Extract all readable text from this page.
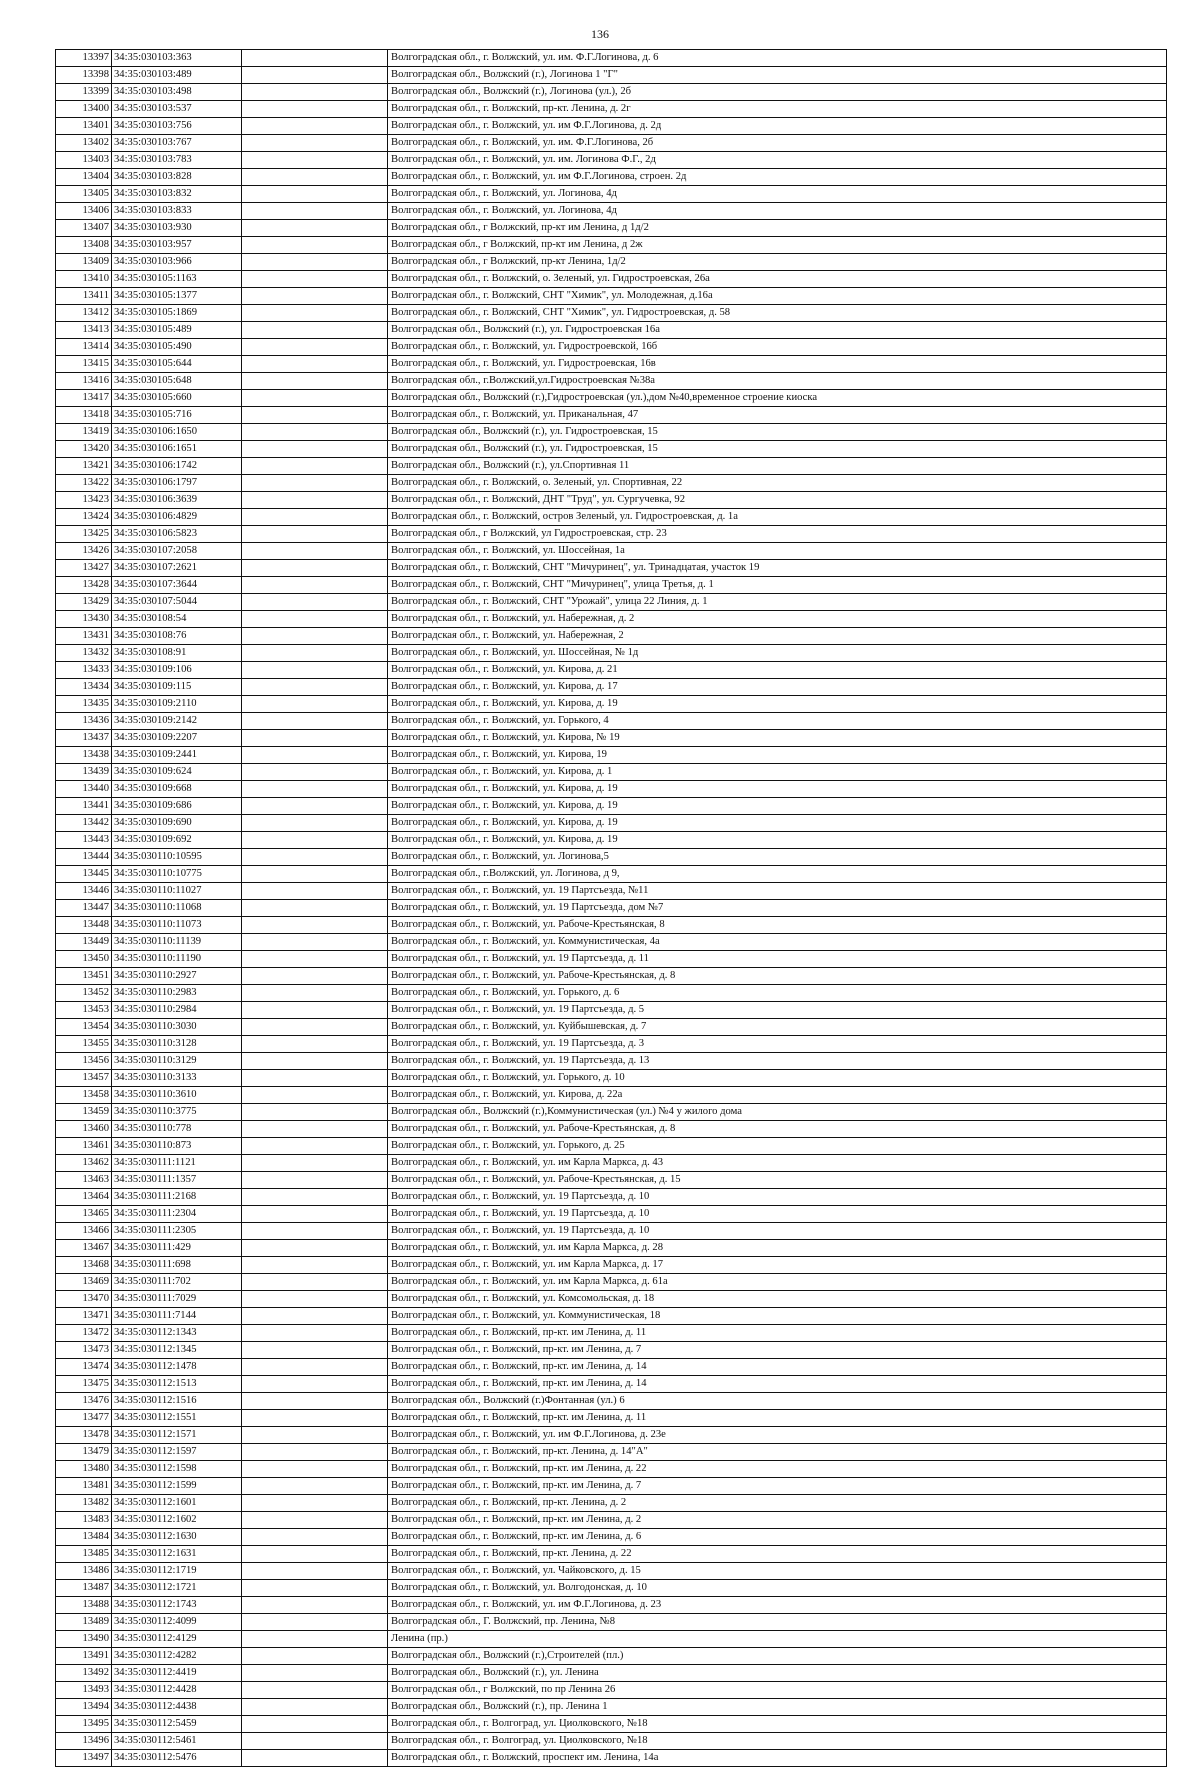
136
13397	34:35:030103:363		Волгоградская обл., г. Волжский, ул. им. Ф.Г.Логинова, д. 6
13398	34:35:030103:489		Волгоградская обл., Волжский (г.), Логинова 1 "Г"
13399	34:35:030103:498		Волгоградская обл., Волжский (г.), Логинова (ул.), 2б
13400	34:35:030103:537		Волгоградская обл., г. Волжский, пр-кт. Ленина, д. 2г
13401	34:35:030103:756		Волгоградская обл., г. Волжский, ул. им Ф.Г.Логинова, д. 2д
13402	34:35:030103:767		Волгоградская обл., г. Волжский, ул. им. Ф.Г.Логинова, 2б
13403	34:35:030103:783		Волгоградская обл., г. Волжский, ул. им. Логинова Ф.Г., 2д
13404	34:35:030103:828		Волгоградская обл., г. Волжский, ул. им Ф.Г.Логинова, строен. 2д
13405	34:35:030103:832		Волгоградская обл., г. Волжский, ул. Логинова, 4д
13406	34:35:030103:833		Волгоградская обл., г. Волжский, ул. Логинова, 4д
13407	34:35:030103:930		Волгоградская обл., г Волжский, пр-кт им Ленина, д 1д/2
13408	34:35:030103:957		Волгоградская обл., г Волжский, пр-кт им Ленина, д 2ж
13409	34:35:030103:966		Волгоградская обл., г Волжский, пр-кт Ленина, 1д/2
13410	34:35:030105:1163		Волгоградская обл., г. Волжский, о. Зеленый, ул. Гидростроевская, 26а
13411	34:35:030105:1377		Волгоградская обл., г. Волжский, СНТ "Химик", ул. Молодежная, д.16а
13412	34:35:030105:1869		Волгоградская обл., г. Волжский, СНТ "Химик", ул. Гидростроевская, д. 58
13413	34:35:030105:489		Волгоградская обл., Волжский (г.), ул. Гидростроевская 16а
13414	34:35:030105:490		Волгоградская обл., г. Волжский, ул. Гидростроевской, 16б
13415	34:35:030105:644		Волгоградская обл., г. Волжский, ул. Гидростроевская, 16в
13416	34:35:030105:648		Волгоградская обл., г.Волжский,ул.Гидростроевская №38а
13417	34:35:030105:660		Волгоградская обл., Волжский (г.),Гидростроевская (ул.),дом №40,временное строение киоска
13418	34:35:030105:716		Волгоградская обл., г. Волжский, ул. Приканальная, 47
13419	34:35:030106:1650		Волгоградская обл., Волжский (г.), ул. Гидростроевская, 15
13420	34:35:030106:1651		Волгоградская обл., Волжский (г.), ул. Гидростроевская, 15
13421	34:35:030106:1742		Волгоградская обл., Волжский (г.), ул.Спортивная 11
13422	34:35:030106:1797		Волгоградская обл., г. Волжский, о. Зеленый, ул. Спортивная, 22
13423	34:35:030106:3639		Волгоградская обл., г. Волжский, ДНТ "Труд", ул. Сургучевка, 92
13424	34:35:030106:4829		Волгоградская обл., г. Волжский, остров Зеленый, ул. Гидростроевская, д. 1а
13425	34:35:030106:5823		Волгоградская обл., г Волжский, ул Гидростроевская, стр. 23
13426	34:35:030107:2058		Волгоградская обл., г. Волжский, ул. Шоссейная, 1а
13427	34:35:030107:2621		Волгоградская обл., г. Волжский, СНТ "Мичуринец", ул. Тринадцатая, участок 19
13428	34:35:030107:3644		Волгоградская обл., г. Волжский, СНТ "Мичуринец", улица Третья, д. 1
13429	34:35:030107:5044		Волгоградская обл., г. Волжский, СНТ "Урожай", улица 22 Линия, д. 1
13430	34:35:030108:54		Волгоградская обл., г. Волжский, ул. Набережная, д. 2
13431	34:35:030108:76		Волгоградская обл., г. Волжский, ул. Набережная, 2
13432	34:35:030108:91		Волгоградская обл., г. Волжский, ул. Шоссейная, № 1д
13433	34:35:030109:106		Волгоградская обл., г. Волжский, ул. Кирова, д. 21
13434	34:35:030109:115		Волгоградская обл., г. Волжский, ул. Кирова, д. 17
13435	34:35:030109:2110		Волгоградская обл., г. Волжский, ул. Кирова, д. 19
13436	34:35:030109:2142		Волгоградская обл., г. Волжский, ул. Горького, 4
13437	34:35:030109:2207		Волгоградская обл., г. Волжский, ул. Кирова, № 19
13438	34:35:030109:2441		Волгоградская обл., г. Волжский, ул. Кирова, 19
13439	34:35:030109:624		Волгоградская обл., г. Волжский, ул. Кирова, д. 1
13440	34:35:030109:668		Волгоградская обл., г. Волжский, ул. Кирова, д. 19
13441	34:35:030109:686		Волгоградская обл., г. Волжский, ул. Кирова, д. 19
13442	34:35:030109:690		Волгоградская обл., г. Волжский, ул. Кирова, д. 19
13443	34:35:030109:692		Волгоградская обл., г. Волжский, ул. Кирова, д. 19
13444	34:35:030110:10595		Волгоградская обл., г. Волжский, ул. Логинова,5
13445	34:35:030110:10775		Волгоградская обл., г.Волжский, ул. Логинова, д 9,
13446	34:35:030110:11027		Волгоградская обл., г. Волжский, ул. 19 Партсъезда, №11
13447	34:35:030110:11068		Волгоградская обл., г. Волжский, ул. 19 Партсъезда, дом №7
13448	34:35:030110:11073		Волгоградская обл., г. Волжский, ул. Рабоче-Крестьянская, 8
13449	34:35:030110:11139		Волгоградская обл., г. Волжский, ул. Коммунистическая, 4а
13450	34:35:030110:11190		Волгоградская обл., г. Волжский, ул. 19 Партсъезда, д. 11
13451	34:35:030110:2927		Волгоградская обл., г. Волжский, ул. Рабоче-Крестьянская, д. 8
13452	34:35:030110:2983		Волгоградская обл., г. Волжский, ул. Горького, д. 6
13453	34:35:030110:2984		Волгоградская обл., г. Волжский, ул. 19 Партсъезда, д. 5
13454	34:35:030110:3030		Волгоградская обл., г. Волжский, ул. Куйбышевская, д. 7
13455	34:35:030110:3128		Волгоградская обл., г. Волжский, ул. 19 Партсъезда, д. 3
13456	34:35:030110:3129		Волгоградская обл., г. Волжский, ул. 19 Партсъезда, д. 13
13457	34:35:030110:3133		Волгоградская обл., г. Волжский, ул. Горького, д. 10
13458	34:35:030110:3610		Волгоградская обл., г. Волжский, ул. Кирова, д. 22а
13459	34:35:030110:3775		Волгоградская обл., Волжский (г.),Коммунистическая (ул.) №4 у жилого дома
13460	34:35:030110:778		Волгоградская обл., г. Волжский, ул. Рабоче-Крестьянская, д. 8
13461	34:35:030110:873		Волгоградская обл., г. Волжский, ул. Горького, д. 25
13462	34:35:030111:1121		Волгоградская обл., г. Волжский, ул. им Карла Маркса, д. 43
13463	34:35:030111:1357		Волгоградская обл., г. Волжский, ул. Рабоче-Крестьянская, д. 15
13464	34:35:030111:2168		Волгоградская обл., г. Волжский, ул. 19 Партсъезда, д. 10
13465	34:35:030111:2304		Волгоградская обл., г. Волжский, ул. 19 Партсъезда, д. 10
13466	34:35:030111:2305		Волгоградская обл., г. Волжский, ул. 19 Партсъезда, д. 10
13467	34:35:030111:429		Волгоградская обл., г. Волжский, ул. им Карла Маркса, д. 28
13468	34:35:030111:698		Волгоградская обл., г. Волжский, ул. им Карла Маркса, д. 17
13469	34:35:030111:702		Волгоградская обл., г. Волжский, ул. им Карла Маркса, д. 61а
13470	34:35:030111:7029		Волгоградская обл., г. Волжский, ул. Комсомольская, д. 18
13471	34:35:030111:7144		Волгоградская обл., г. Волжский, ул. Коммунистическая, 18
13472	34:35:030112:1343		Волгоградская обл., г. Волжский, пр-кт. им Ленина, д. 11
13473	34:35:030112:1345		Волгоградская обл., г. Волжский, пр-кт. им Ленина, д. 7
13474	34:35:030112:1478		Волгоградская обл., г. Волжский, пр-кт. им Ленина, д. 14
13475	34:35:030112:1513		Волгоградская обл., г. Волжский, пр-кт. им Ленина, д. 14
13476	34:35:030112:1516		Волгоградская обл., Волжский (г.)Фонтанная (ул.) 6
13477	34:35:030112:1551		Волгоградская обл., г. Волжский, пр-кт. им Ленина, д. 11
13478	34:35:030112:1571		Волгоградская обл., г. Волжский, ул. им Ф.Г.Логинова, д. 23е
13479	34:35:030112:1597		Волгоградская обл., г. Волжский, пр-кт. Ленина, д. 14"А"
13480	34:35:030112:1598		Волгоградская обл., г. Волжский, пр-кт. им Ленина, д. 22
13481	34:35:030112:1599		Волгоградская обл., г. Волжский, пр-кт. им Ленина, д. 7
13482	34:35:030112:1601		Волгоградская обл., г. Волжский, пр-кт. Ленина, д. 2
13483	34:35:030112:1602		Волгоградская обл., г. Волжский, пр-кт. им Ленина, д. 2
13484	34:35:030112:1630		Волгоградская обл., г. Волжский, пр-кт. им Ленина, д. 6
13485	34:35:030112:1631		Волгоградская обл., г. Волжский, пр-кт. Ленина, д. 22
13486	34:35:030112:1719		Волгоградская обл., г. Волжский, ул. Чайковского, д. 15
13487	34:35:030112:1721		Волгоградская обл., г. Волжский, ул. Волгодонская, д. 10
13488	34:35:030112:1743		Волгоградская обл., г. Волжский, ул. им Ф.Г.Логинова, д. 23
13489	34:35:030112:4099		Волгоградская обл., Г. Волжский, пр. Ленина, №8
13490	34:35:030112:4129		Ленина (пр.)
13491	34:35:030112:4282		Волгоградская обл., Волжский (г.),Строителей (пл.)
13492	34:35:030112:4419		Волгоградская обл., Волжский (г.), ул. Ленина
13493	34:35:030112:4428		Волгоградская обл., г Волжский, по пр Ленина 26
13494	34:35:030112:4438		Волгоградская обл., Волжский (г.), пр. Ленина 1
13495	34:35:030112:5459		Волгоградская обл., г. Волгоград, ул. Циолковского, №18
13496	34:35:030112:5461		Волгоградская обл., г. Волгоград, ул. Циолковского, №18
13497	34:35:030112:5476		Волгоградская обл., г. Волжский, проспект им. Ленина, 14а
